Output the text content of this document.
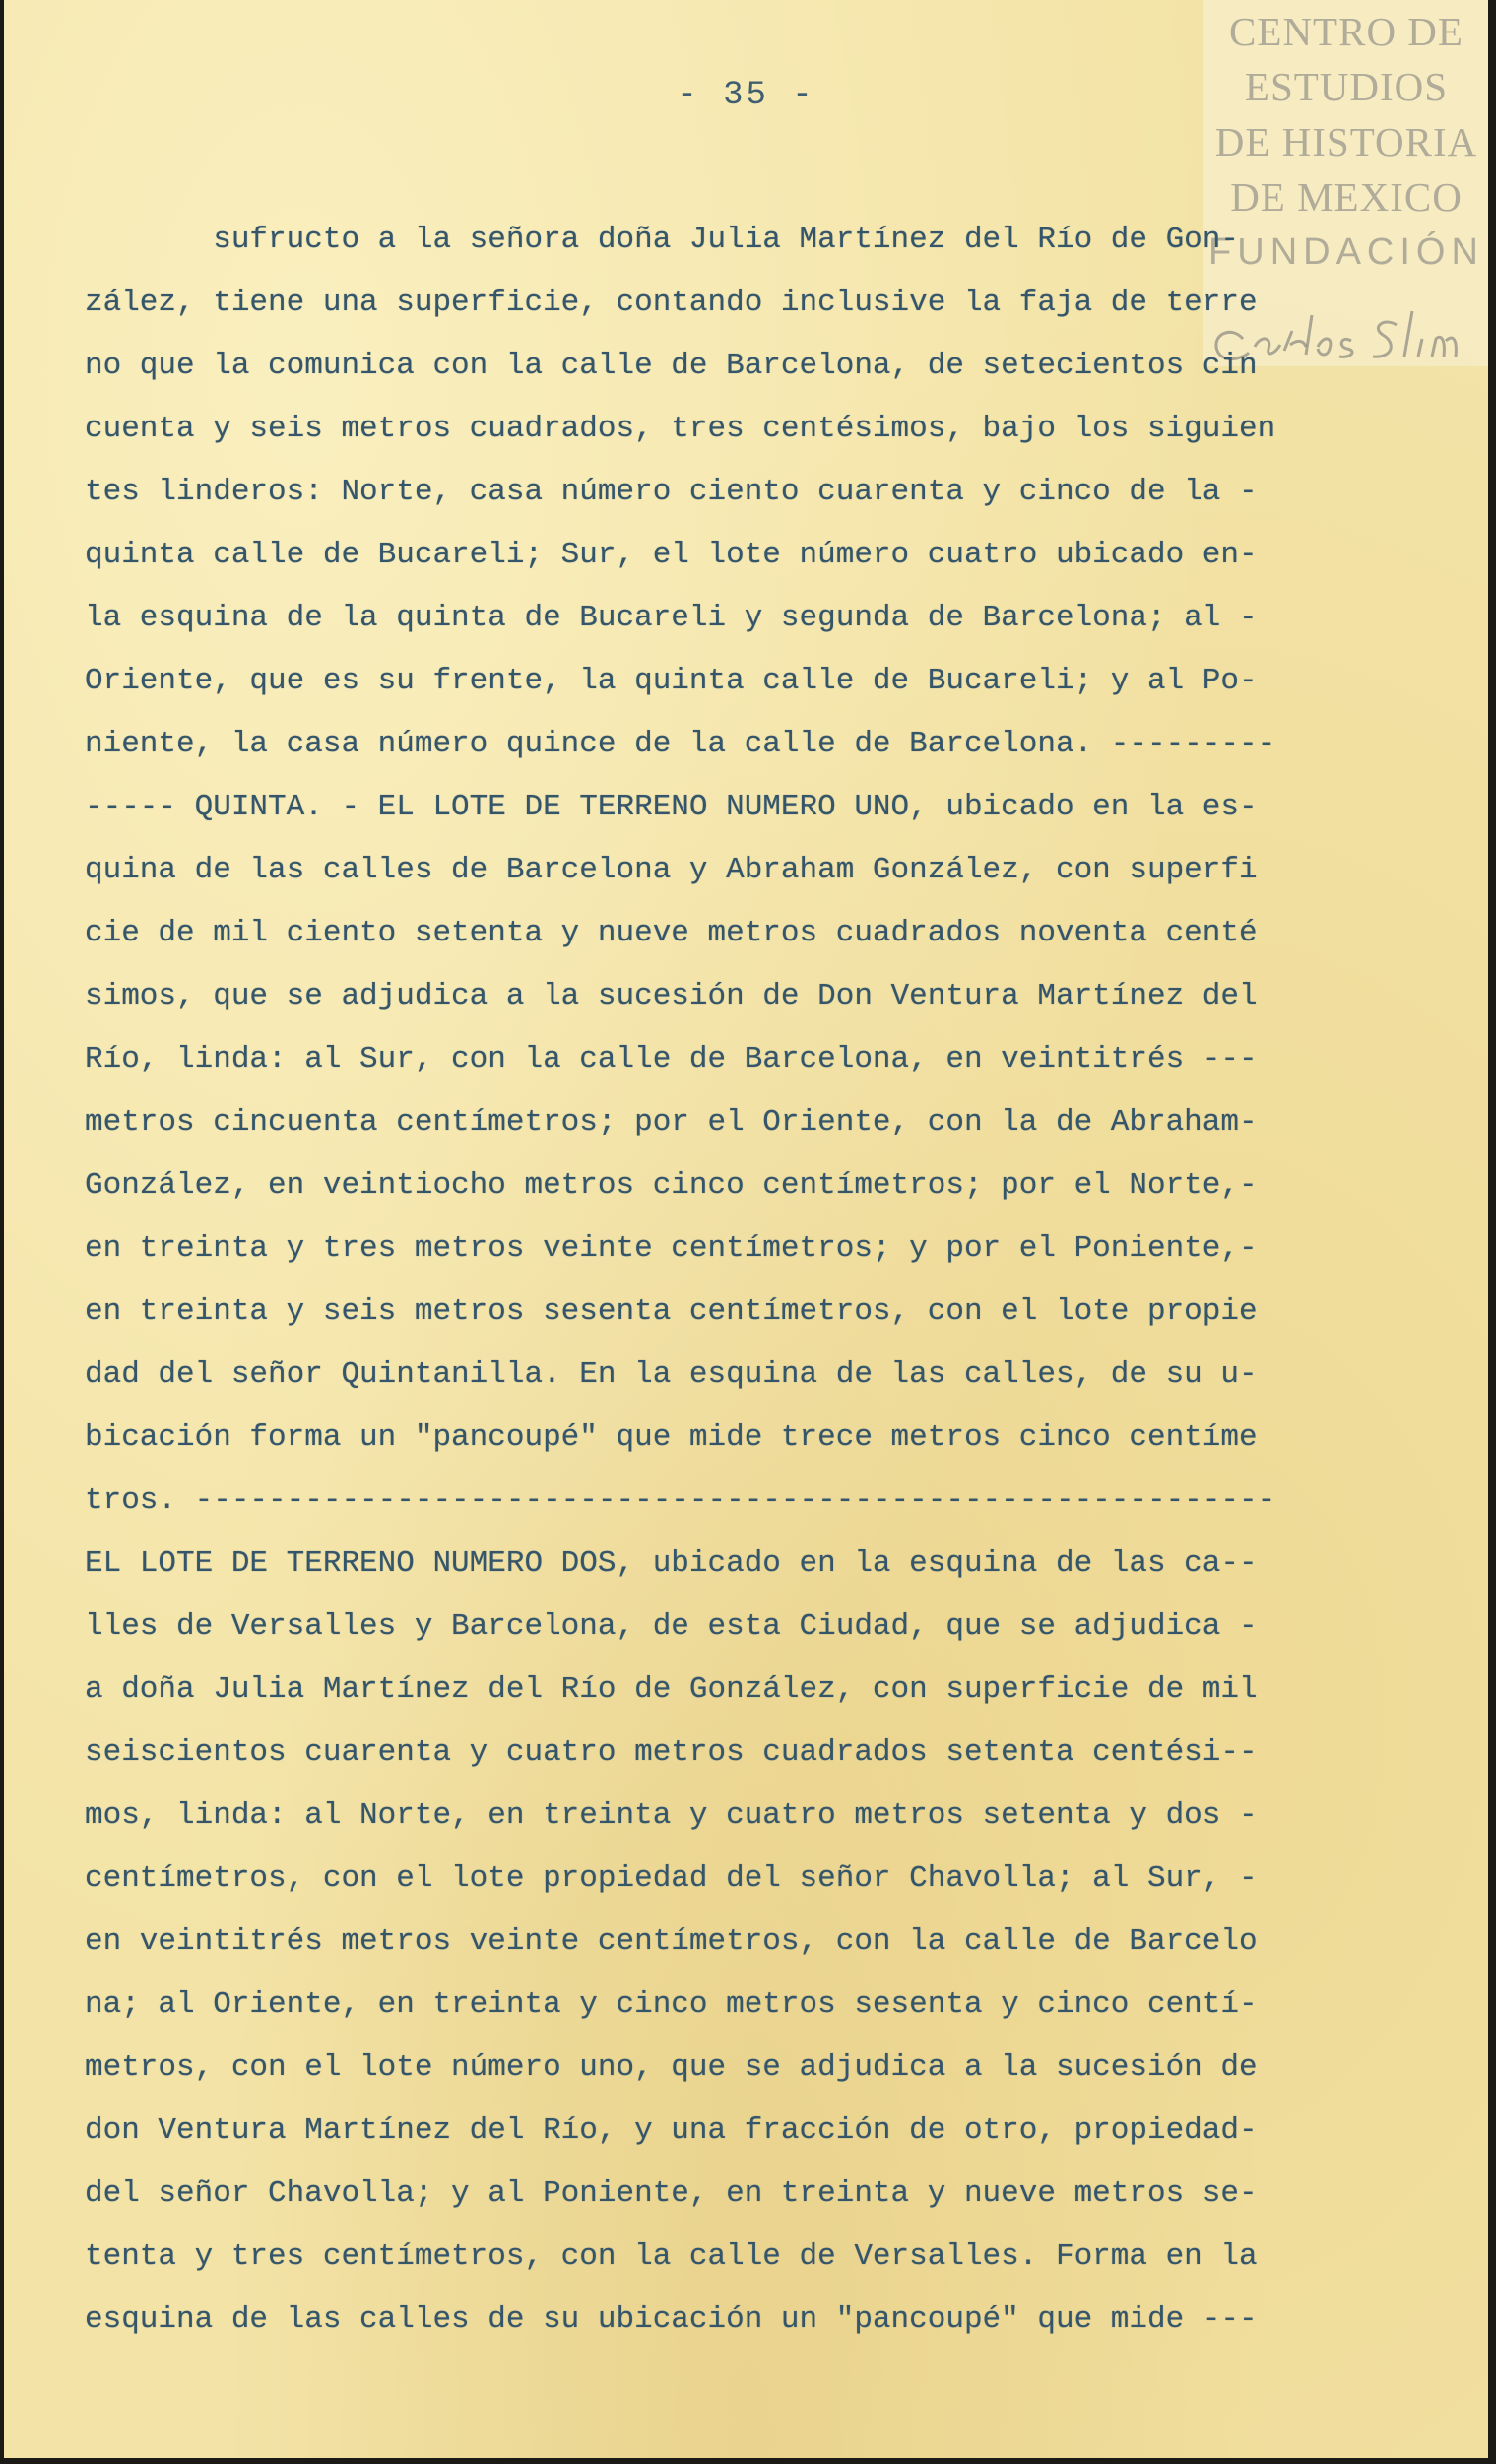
CENTRO DE
ESTUDIOS
DE HISTORIA
DE MEXICO
FUNDACIÓN
- 35 -
sufructo a la señora doña Julia Martínez del Río de Gon-
zález, tiene una superficie, contando inclusive la faja de terre
no que la comunica con la calle de Barcelona, de setecientos cin
cuenta y seis metros cuadrados, tres centésimos, bajo los siguien
tes linderos: Norte, casa número ciento cuarenta y cinco de la -
quinta calle de Bucareli; Sur, el lote número cuatro ubicado en-
la esquina de la quinta de Bucareli y segunda de Barcelona; al -
Oriente, que es su frente, la quinta calle de Bucareli; y al Po-
niente, la casa número quince de la calle de Barcelona. ---------
----- QUINTA. - EL LOTE DE TERRENO NUMERO UNO, ubicado en la es-
quina de las calles de Barcelona y Abraham González, con superfi
cie de mil ciento setenta y nueve metros cuadrados noventa centé
simos, que se adjudica a la sucesión de Don Ventura Martínez del
Río, linda: al Sur, con la calle de Barcelona, en veintitrés ---
metros cincuenta centímetros; por el Oriente, con la de Abraham-
González, en veintiocho metros cinco centímetros; por el Norte,-
en treinta y tres metros veinte centímetros; y por el Poniente,-
en treinta y seis metros sesenta centímetros, con el lote propie
dad del señor Quintanilla. En la esquina de las calles, de su u-
bicación forma un "pancoupé" que mide trece metros cinco centíme
tros. -----------------------------------------------------------
EL LOTE DE TERRENO NUMERO DOS, ubicado en la esquina de las ca--
lles de Versalles y Barcelona, de esta Ciudad, que se adjudica -
a doña Julia Martínez del Río de González, con superficie de mil
seiscientos cuarenta y cuatro metros cuadrados setenta centési--
mos, linda: al Norte, en treinta y cuatro metros setenta y dos -
centímetros, con el lote propiedad del señor Chavolla; al Sur, -
en veintitrés metros veinte centímetros, con la calle de Barcelo
na; al Oriente, en treinta y cinco metros sesenta y cinco centí-
metros, con el lote número uno, que se adjudica a la sucesión de
don Ventura Martínez del Río, y una fracción de otro, propiedad-
del señor Chavolla; y al Poniente, en treinta y nueve metros se-
tenta y tres centímetros, con la calle de Versalles. Forma en la
esquina de las calles de su ubicación un "pancoupé" que mide ---
